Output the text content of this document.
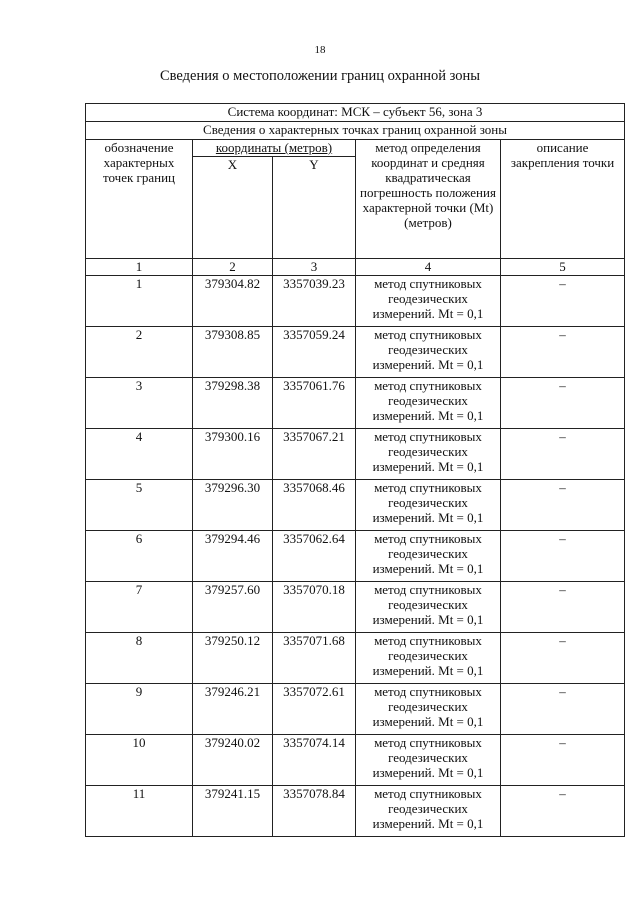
18
Сведения о местоположении границ охранной зоны
Система координат: МСК – субъект 56, зона 3				
Сведения о характерных точках границ охранной зоны				
обозначение характерных точек границ	координаты (метров)		метод определения координат и средняя квадратическая погрешность положения характерной точки (Mt) (метров)	описание закрепления точки
	X	Y		
1	2	3	4	5
1	379304.82	3357039.23	метод спутниковых геодезических измерений. Mt = 0,1	–
2	379308.85	3357059.24	метод спутниковых геодезических измерений. Mt = 0,1	–
3	379298.38	3357061.76	метод спутниковых геодезических измерений. Mt = 0,1	–
4	379300.16	3357067.21	метод спутниковых геодезических измерений. Mt = 0,1	–
5	379296.30	3357068.46	метод спутниковых геодезических измерений. Mt = 0,1	–
6	379294.46	3357062.64	метод спутниковых геодезических измерений. Mt = 0,1	–
7	379257.60	3357070.18	метод спутниковых геодезических измерений. Mt = 0,1	–
8	379250.12	3357071.68	метод спутниковых геодезических измерений. Mt = 0,1	–
9	379246.21	3357072.61	метод спутниковых геодезических измерений. Mt = 0,1	–
10	379240.02	3357074.14	метод спутниковых геодезических измерений. Mt = 0,1	–
11	379241.15	3357078.84	метод спутниковых геодезических измерений. Mt = 0,1	–
